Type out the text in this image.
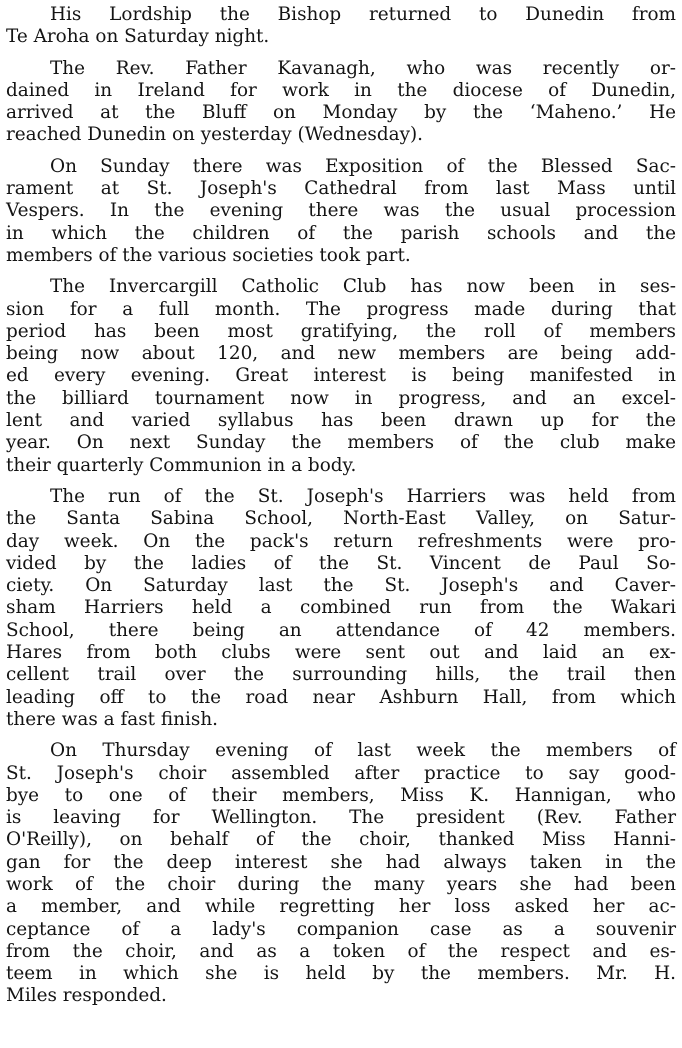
His Lordship the Bishop returned to Dunedin from
Te Aroha on Saturday night.

The Rev. Father Kavanagh, who was recently or-
dained in Ireland for work in the diocese of Dunedin,
arrived at the Bluff on Monday by the ‘Maheno.’ He
reached Dunedin on yesterday (Wednesday).

On Sunday there was Exposition of the Blessed Sac-
rament at St. Joseph's Cathedral from last Mass until
Vespers. In the evening there was the usual procession
in which the children of the parish schools and the
members of the various societies took part.

The Invercargill Catholic Club has now been in ses-
sion for a full month. The progress made during that
period has been most gratifying, the roll of members
being now about 120, and new members are being add-
ed every evening. Great interest is being manifested in
the billiard tournament now in progress, and an excel-
lent and varied syllabus has been drawn up for the
year. On next Sunday the members of the club make
their quarterly Communion in a body.

The run of the St. Joseph's Harriers was held from
the Santa Sabina School, North-East Valley, on Satur-
day week. On the pack's return refreshments were pro-
vided by the ladies of the St. Vincent de Paul So-
ciety. On Saturday last the St. Joseph's and Caver-
sham Harriers held a combined run from the Wakari
School, there being an attendance of 42 members.
Hares from both clubs were sent out and laid an ex-
cellent trail over the surrounding hills, the trail then
leading off to the road near Ashburn Hall, from which
there was a fast finish.

On Thursday evening of last week the members of
St. Joseph's choir assembled after practice to say good-
bye to one of their members, Miss K. Hannigan, who
is leaving for Wellington. The president (Rev. Father
O'Reilly), on behalf of the choir, thanked Miss Hanni-
gan for the deep interest she had always taken in the
work of the choir during the many years she had been
a member, and while regretting her loss asked her ac-
ceptance of a lady's companion case as a souvenir
from the choir, and as a token of the respect and es-
teem in which she is held by the members. Mr. H.
Miles responded.
